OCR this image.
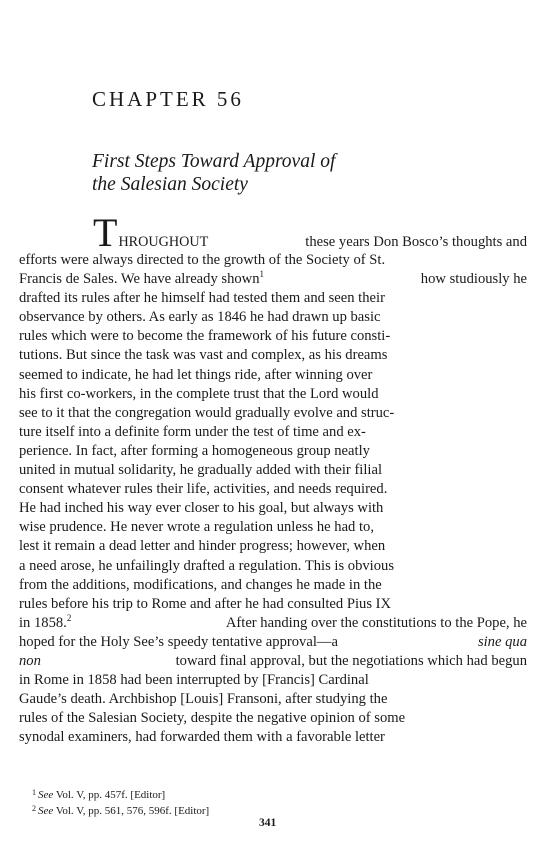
CHAPTER 56
First Steps Toward Approval of
the Salesian Society
THROUGHOUT	these years Don Bosco’s thoughts and
efforts were always directed to the growth of the Society of St.
Francis de Sales. We have already shown$^1$	how studiously he
drafted its rules after he himself had tested them and seen their
observance by others. As early as 1846 he had drawn up basic
rules which were to become the framework of his future consti-
tutions. But since the task was vast and complex, as his dreams
seemed to indicate, he had let things ride, after winning over
his first co-workers, in the complete trust that the Lord would
see to it that the congregation would gradually evolve and struc-
ture itself into a definite form under the test of time and ex-
perience. In fact, after forming a homogeneous group neatly
united in mutual solidarity, he gradually added with their filial
consent whatever rules their life, activities, and needs required.
He had inched his way ever closer to his goal, but always with
wise prudence. He never wrote a regulation unless he had to,
lest it remain a dead letter and hinder progress; however, when
a need arose, he unfailingly drafted a regulation. This is obvious
from the additions, modifications, and changes he made in the
rules before his trip to Rome and after he had consulted Pius IX
in 1858.$^2$	After handing over the constitutions to the Pope, he
hoped for the Holy See’s speedy tentative approval—a	sine qua
non	toward final approval, but the negotiations which had begun
in Rome in 1858 had been interrupted by [Francis] Cardinal
Gaude’s death. Archbishop [Louis] Fransoni, after studying the
rules of the Salesian Society, despite the negative opinion of some
synodal examiners, had forwarded them with a favorable letter
$^1$ See Vol. V, pp. 457f. [Editor]
$^2$ See Vol. V, pp. 561, 576, 596f. [Editor]
341
